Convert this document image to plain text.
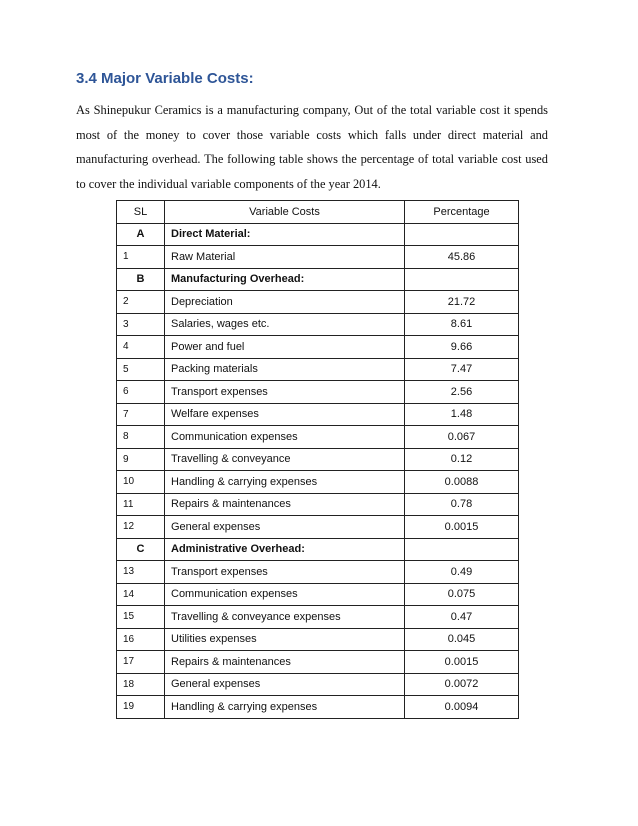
3.4 Major Variable Costs:

As Shinepukur Ceramics is a manufacturing company, Out of the total variable cost it spends most of the money to cover those variable costs which falls under direct material and manufacturing overhead. The following table shows the percentage of total variable cost used to cover the individual variable components of the year 2014.

SL	Variable Costs	Percentage
A	Direct Material:	
1	Raw Material	45.86
B	Manufacturing Overhead:	
2	Depreciation	21.72
3	Salaries, wages etc.	8.61
4	Power and fuel	9.66
5	Packing materials	7.47
6	Transport expenses	2.56
7	Welfare expenses	1.48
8	Communication expenses	0.067
9	Travelling & conveyance	0.12
10	Handling & carrying expenses	0.0088
11	Repairs & maintenances	0.78
12	General expenses	0.0015
C	Administrative Overhead:	
13	Transport expenses	0.49
14	Communication expenses	0.075
15	Travelling & conveyance expenses	0.47
16	Utilities expenses	0.045
17	Repairs & maintenances	0.0015
18	General expenses	0.0072
19	Handling & carrying expenses	0.0094
